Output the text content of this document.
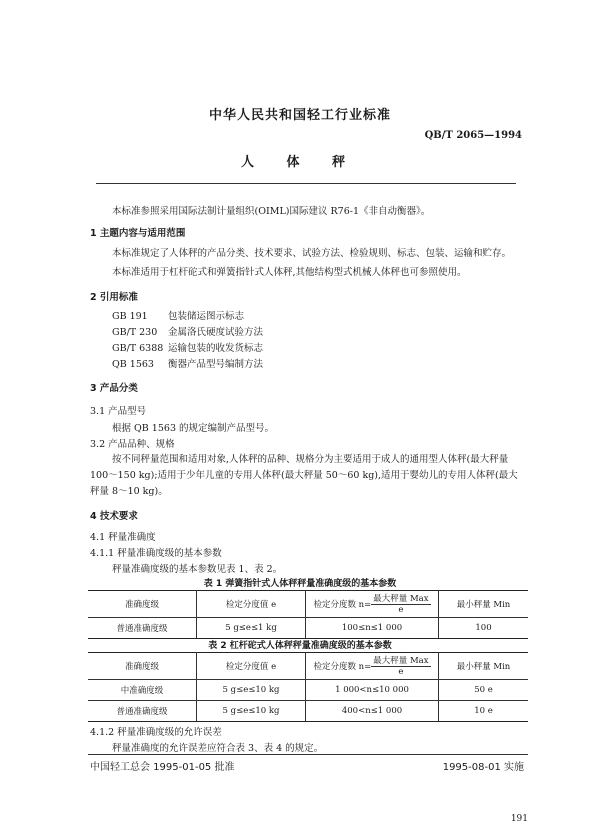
中华人民共和国轻工行业标准
QB/T 2065—1994
人 体 秤
本标准参照采用国际法制计量组织(OIML)国际建议 R76-1《非自动衡器》。
1 主题内容与适用范围
本标准规定了人体秤的产品分类、技术要求、试验方法、检验规则、标志、包装、运输和贮存。
本标准适用于杠杆砣式和弹簧指针式人体秤,其他结构型式机械人体秤也可参照使用。
2 引用标准
GB 191 包装储运图示标志
GB/T 230 金属洛氏硬度试验方法
GB/T 6388 运输包装的收发货标志
QB 1563 衡器产品型号编制方法
3 产品分类
3.1 产品型号
根据 QB 1563 的规定编制产品型号。
3.2 产品品种、规格
按不同秤量范围和适用对象,人体秤的品种、规格分为主要适用于成人的通用型人体秤(最大秤量
100～150 kg);适用于少年儿童的专用人体秤(最大秤量 50～60 kg),适用于婴幼儿的专用人体秤(最大
秤量 8～10 kg)。
4 技术要求
4.1 秤量准确度
4.1.1 秤量准确度级的基本参数
秤量准确度级的基本参数见表 1、表 2。
表 1 弹簧指针式人体秤秤量准确度级的基本参数
准确度级	检定分度值 e	检定分度数 $n= \frac{\text{最大秤量 Max}}{e}$	最小秤量 Min
普通准确度级	5 g≤e≤1 kg	100≤n≤1 000	100
表 2 杠杆砣式人体秤秤量准确度级的基本参数
准确度级	检定分度值 e	检定分度数 $n= \frac{\text{最大秤量 Max}}{e}$	最小秤量 Min
中准确度级	5 g≤e≤10 kg	1 000<n≤10 000	50 e
普通准确度级	5 g≤e≤10 kg	400<n≤1 000	10 e
4.1.2 秤量准确度级的允许误差
秤量准确度的允许误差应符合表 3、表 4 的规定。
中国轻工总会 1995-01-05 批准	1995-08-01 实施
191
